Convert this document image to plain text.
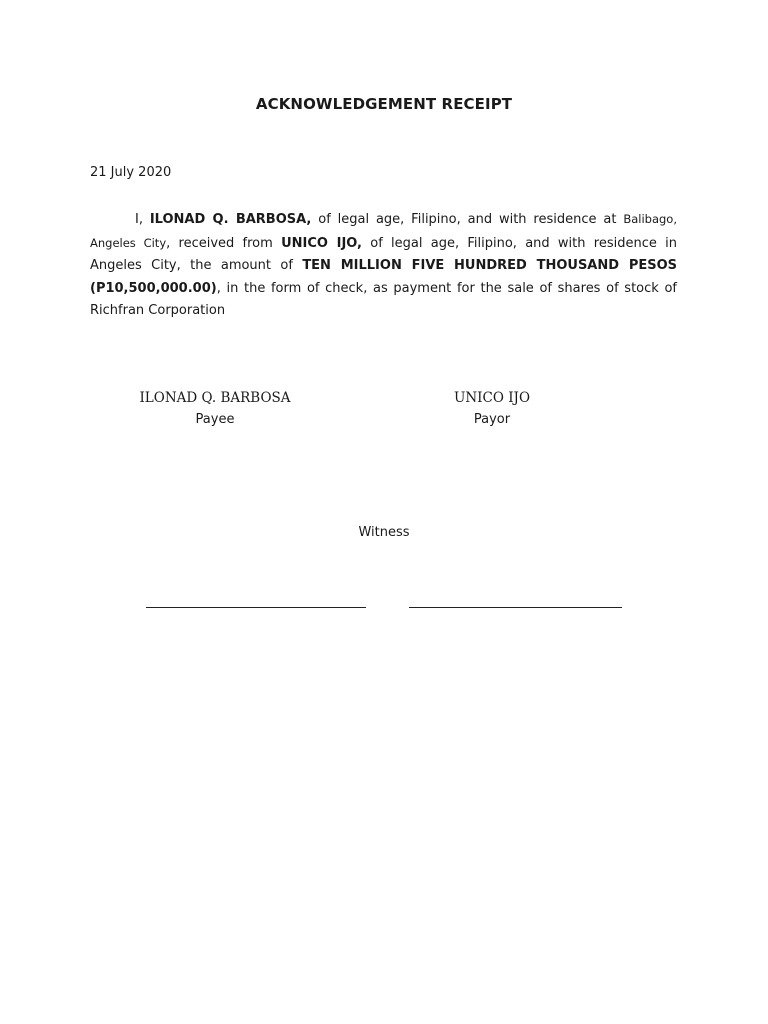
ACKNOWLEDGEMENT RECEIPT
21 July 2020
I, ILONAD Q. BARBOSA, of legal age, Filipino, and with residence at Balibago, Angeles City, received from UNICO IJO, of legal age, Filipino, and with residence in Angeles City, the amount of TEN MILLION FIVE HUNDRED THOUSAND PESOS (P10,500,000.00), in the form of check, as payment for the sale of shares of stock of Richfran Corporation
ILONAD Q. BARBOSA
Payee
UNICO IJO
Payor
Witness
